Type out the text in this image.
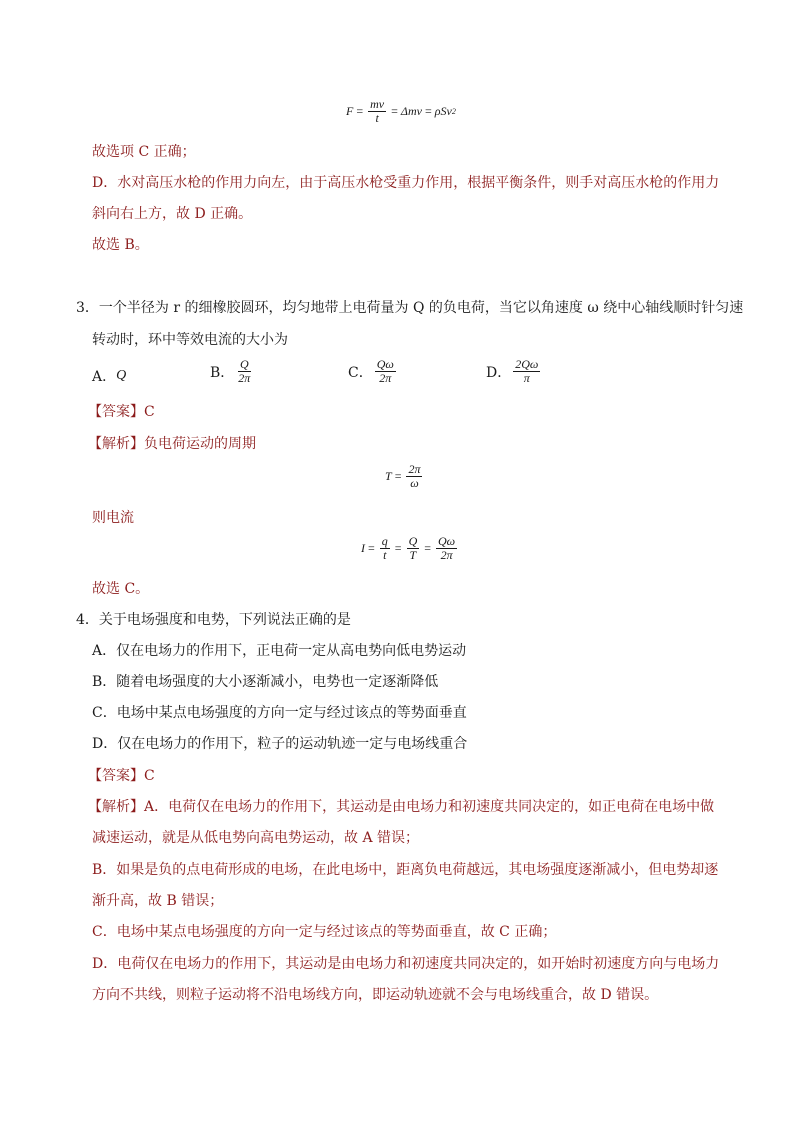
$F = \frac{mv}{t} = \Delta mv = \rho Sv$ 2
故选项 C 正确；
D．水对高压水枪的作用力向左，由于高压水枪受重力作用，根据平衡条件，则手对高压水枪的作用力
斜向右上方，故 D 正确。
故选 B。
3．一个半径为 r 的细橡胶圆环，均匀地带上电荷量为 Q 的负电荷，当它以角速度 ω 绕中心轴线顺时针匀速
转动时，环中等效电流的大小为
A． Q	B． $\frac{Q}{2\pi}$	C． $\frac{Q\omega}{2\pi}$	D． $\frac{2Q\omega}{\pi}$
【答案】C
【解析】负电荷运动的周期
$T = \frac{2\pi}{\omega}$
则电流
$I = \frac{q}{t} = \frac{Q}{T} = \frac{Q\omega}{2\pi}$
故选 C。
4．关于电场强度和电势，下列说法正确的是
A．仅在电场力的作用下，正电荷一定从高电势向低电势运动
B．随着电场强度的大小逐渐减小，电势也一定逐渐降低
C．电场中某点电场强度的方向一定与经过该点的等势面垂直
D．仅在电场力的作用下，粒子的运动轨迹一定与电场线重合
【答案】C
【解析】A．电荷仅在电场力的作用下，其运动是由电场力和初速度共同决定的，如正电荷在电场中做
减速运动，就是从低电势向高电势运动，故 A 错误；
B．如果是负的点电荷形成的电场，在此电场中，距离负电荷越远，其电场强度逐渐减小，但电势却逐
渐升高，故 B 错误；
C．电场中某点电场强度的方向一定与经过该点的等势面垂直，故 C 正确；
D．电荷仅在电场力的作用下，其运动是由电场力和初速度共同决定的，如开始时初速度方向与电场力
方向不共线，则粒子运动将不沿电场线方向，即运动轨迹就不会与电场线重合，故 D 错误。
